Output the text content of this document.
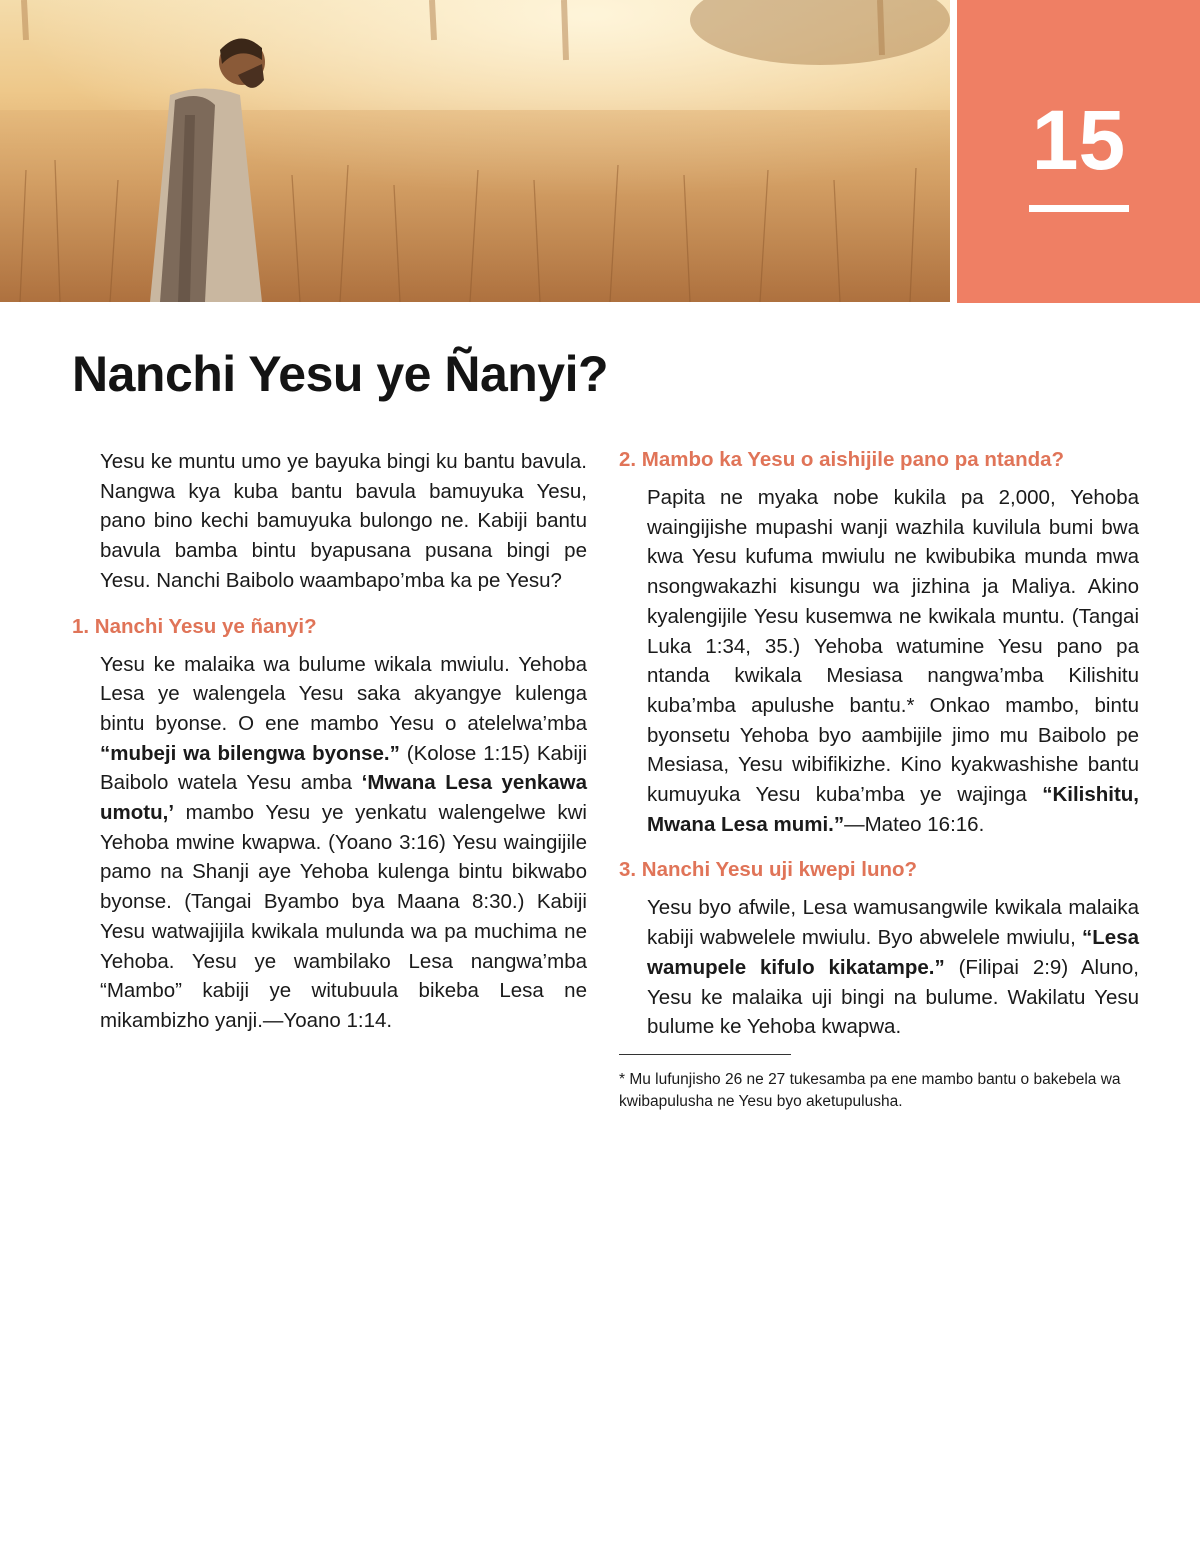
15
Nanchi Yesu ye Ñanyi?

Yesu ke muntu umo ye bayuka bingi ku bantu bavula. Nangwa kya kuba bantu bavula bamuyuka Yesu, pano bino kechi bamuyuka bulongo ne. Kabiji bantu bavula bamba bintu byapusana pusana bingi pe Yesu. Nanchi Baibolo waambapo’mba ka pe Yesu?

1. Nanchi Yesu ye ñanyi?

Yesu ke malaika wa bulume wikala mwiulu. Yehoba Lesa ye walengela Yesu saka akyangye kulenga bintu byonse. O ene mambo Yesu o atelelwa’mba “mubeji wa bilengwa byonse.” (Kolose 1:15) Kabiji Baibolo watela Yesu amba ‘Mwana Lesa yenkawa umotu,’ mambo Yesu ye yenkatu walengelwe kwi Yehoba mwine kwapwa. (Yoano 3:16) Yesu waingijile pamo na Shanji aye Yehoba kulenga bintu bikwabo byonse. (Tangai Byambo bya Maana 8:30.) Kabiji Yesu watwajijila kwikala mulunda wa pa muchima ne Yehoba. Yesu ye wambilako Lesa nangwa’mba “Mambo” kabiji ye witubuula bikeba Lesa ne mikambizho yanji.—Yoano 1:14.

2. Mambo ka Yesu o aishijile pano pa ntanda?

Papita ne myaka nobe kukila pa 2,000, Yehoba waingijishe mupashi wanji wazhila kuvilula bumi bwa kwa Yesu kufuma mwiulu ne kwibubika munda mwa nsongwakazhi kisungu wa jizhina ja Maliya. Akino kyalengijile Yesu kusemwa ne kwikala muntu. (Tangai Luka 1:34, 35.) Yehoba watumine Yesu pano pa ntanda kwikala Mesiasa nangwa’mba Kilishitu kuba’mba apulushe bantu.* Onkao mambo, bintu byonsetu Yehoba byo aambijile jimo mu Baibolo pe Mesiasa, Yesu wibifikizhe. Kino kyakwashishe bantu kumuyuka Yesu kuba’mba ye wajinga “Kilishitu, Mwana Lesa mumi.”—Mateo 16:16.

3. Nanchi Yesu uji kwepi luno?

Yesu byo afwile, Lesa wamusangwile kwikala malaika kabiji wabwelele mwiulu. Byo abwelele mwiulu, “Lesa wamupele kifulo kikatampe.” (Filipai 2:9) Aluno, Yesu ke malaika uji bingi na bulume. Wakilatu Yesu bulume ke Yehoba kwapwa.

* Mu lufunjisho 26 ne 27 tukesamba pa ene mambo bantu o bakebela wa kwibapulusha ne Yesu byo aketupulusha.
